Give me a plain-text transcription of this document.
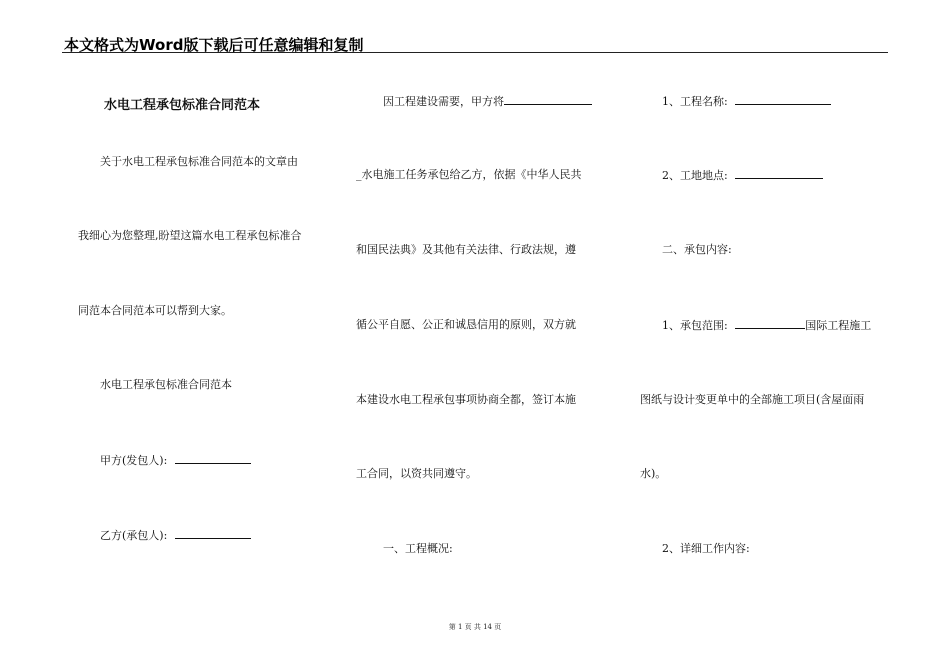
本文格式为Word版下载后可任意编辑和复制
水电工程承包标准合同范本
关于水电工程承包标准合同范本的文章由
我细心为您整理,盼望这篇水电工程承包标准合
同范本合同范本可以帮到大家。
水电工程承包标准合同范本
甲方(发包人):
乙方(承包人):
因工程建设需要，甲方将
_水电施工任务承包给乙方，依据《中华人民共
和国民法典》及其他有关法律、行政法规，遵
循公平自愿、公正和诚恳信用的原则，双方就
本建设水电工程承包事项协商全都，签订本施
工合同，以资共同遵守。
一、工程概况:
1、工程名称:
2、工地地点:
二、承包内容:
1、承包范围:	国际工程施工
图纸与设计变更单中的全部施工项目(含屋面雨
水)。
2、详细工作内容:
第 1 页 共 14 页
